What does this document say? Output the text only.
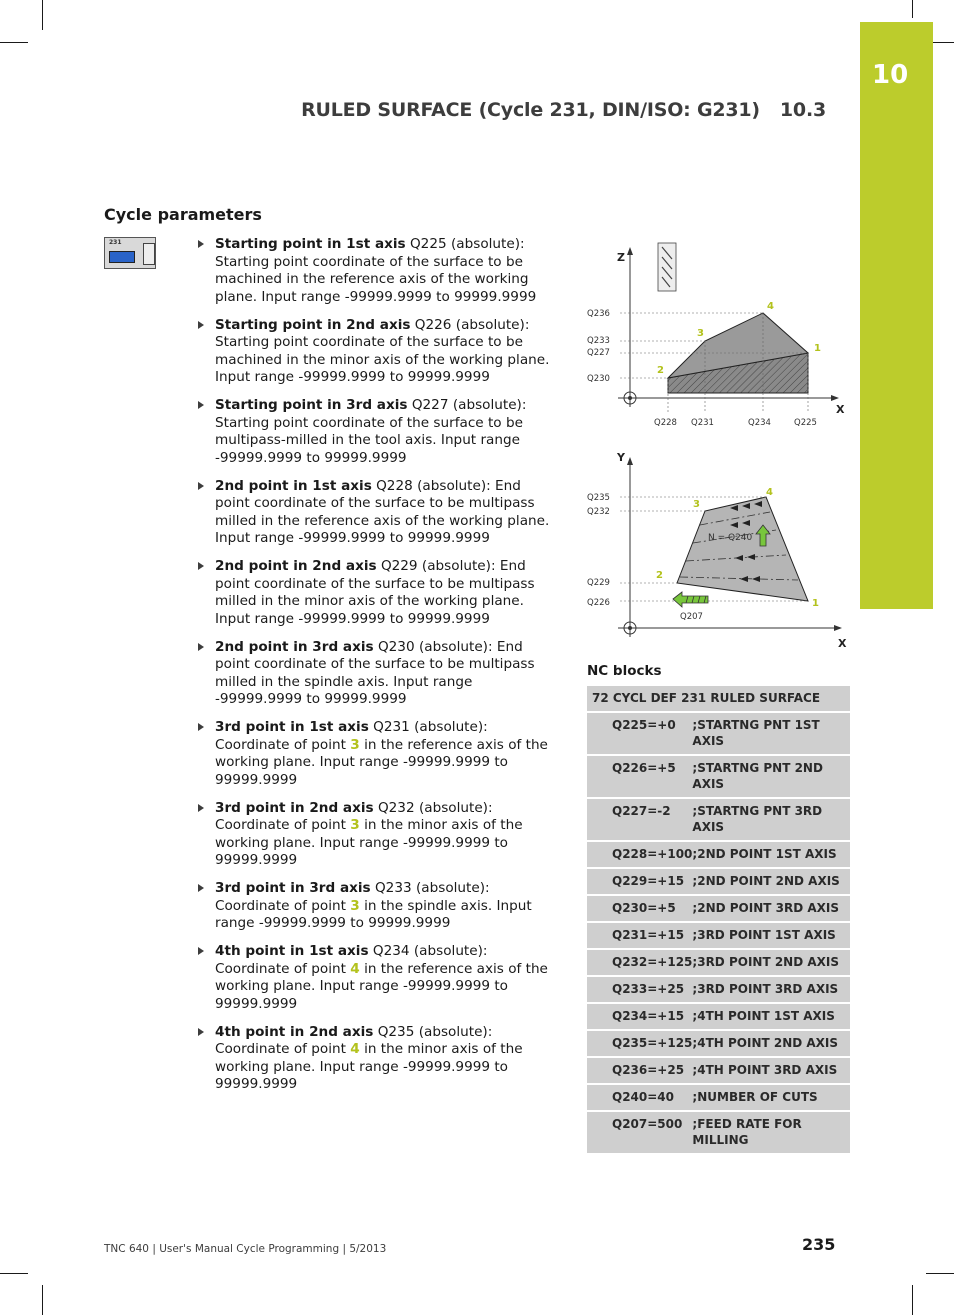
10
RULED SURFACE (Cycle 231, DIN/ISO: G231) 10.3
Cycle parameters
231	Starting point in 1st axis Q225 (absolute): Starting point coordinate of the surface to be machined in the reference axis of the working plane. Input range -99999.9999 to 99999.9999
Starting point in 2nd axis Q226 (absolute): Starting point coordinate of the surface to be machined in the minor axis of the working plane. Input range -99999.9999 to 99999.9999
Starting point in 3rd axis Q227 (absolute): Starting point coordinate of the surface to be multipass-milled in the tool axis. Input range -99999.9999 to 99999.9999
2nd point in 1st axis Q228 (absolute): End point coordinate of the surface to be multipass milled in the reference axis of the working plane. Input range -99999.9999 to 99999.9999
2nd point in 2nd axis Q229 (absolute): End point coordinate of the surface to be multipass milled in the minor axis of the working plane. Input range -99999.9999 to 99999.9999
2nd point in 3rd axis Q230 (absolute): End point coordinate of the surface to be multipass milled in the spindle axis. Input range -99999.9999 to 99999.9999
3rd point in 1st axis Q231 (absolute): Coordinate of point 3 in the reference axis of the working plane. Input range -99999.9999 to 99999.9999
3rd point in 2nd axis Q232 (absolute): Coordinate of point 3 in the minor axis of the working plane. Input range -99999.9999 to 99999.9999
3rd point in 3rd axis Q233 (absolute): Coordinate of point 3 in the spindle axis. Input range -99999.9999 to 99999.9999
4th point in 1st axis Q234 (absolute): Coordinate of point 4 in the reference axis of the working plane. Input range -99999.9999 to 99999.9999
4th point in 2nd axis Q235 (absolute): Coordinate of point 4 in the minor axis of the working plane. Input range -99999.9999 to 99999.9999
Z
X
Q236
Q233
Q227
Q230
Q228 Q231	Q234	Q225
1
2
3
4
Y
X
Q235
Q232
Q229
Q226
N = Q240
Q207
1
2
3
4
NC blocks
72 CYCL DEF 231 RULED SURFACE	
Q225=+0	;STARTNG PNT 1ST AXIS
Q226=+5	;STARTNG PNT 2ND AXIS
Q227=-2	;STARTNG PNT 3RD AXIS
Q228=+100	;2ND POINT 1ST AXIS
Q229=+15	;2ND POINT 2ND AXIS
Q230=+5	;2ND POINT 3RD AXIS
Q231=+15	;3RD POINT 1ST AXIS
Q232=+125	;3RD POINT 2ND AXIS
Q233=+25	;3RD POINT 3RD AXIS
Q234=+15	;4TH POINT 1ST AXIS
Q235=+125	;4TH POINT 2ND AXIS
Q236=+25	;4TH POINT 3RD AXIS
Q240=40	;NUMBER OF CUTS
Q207=500	;FEED RATE FOR MILLING
TNC 640 | User's Manual Cycle Programming | 5/2013	235
